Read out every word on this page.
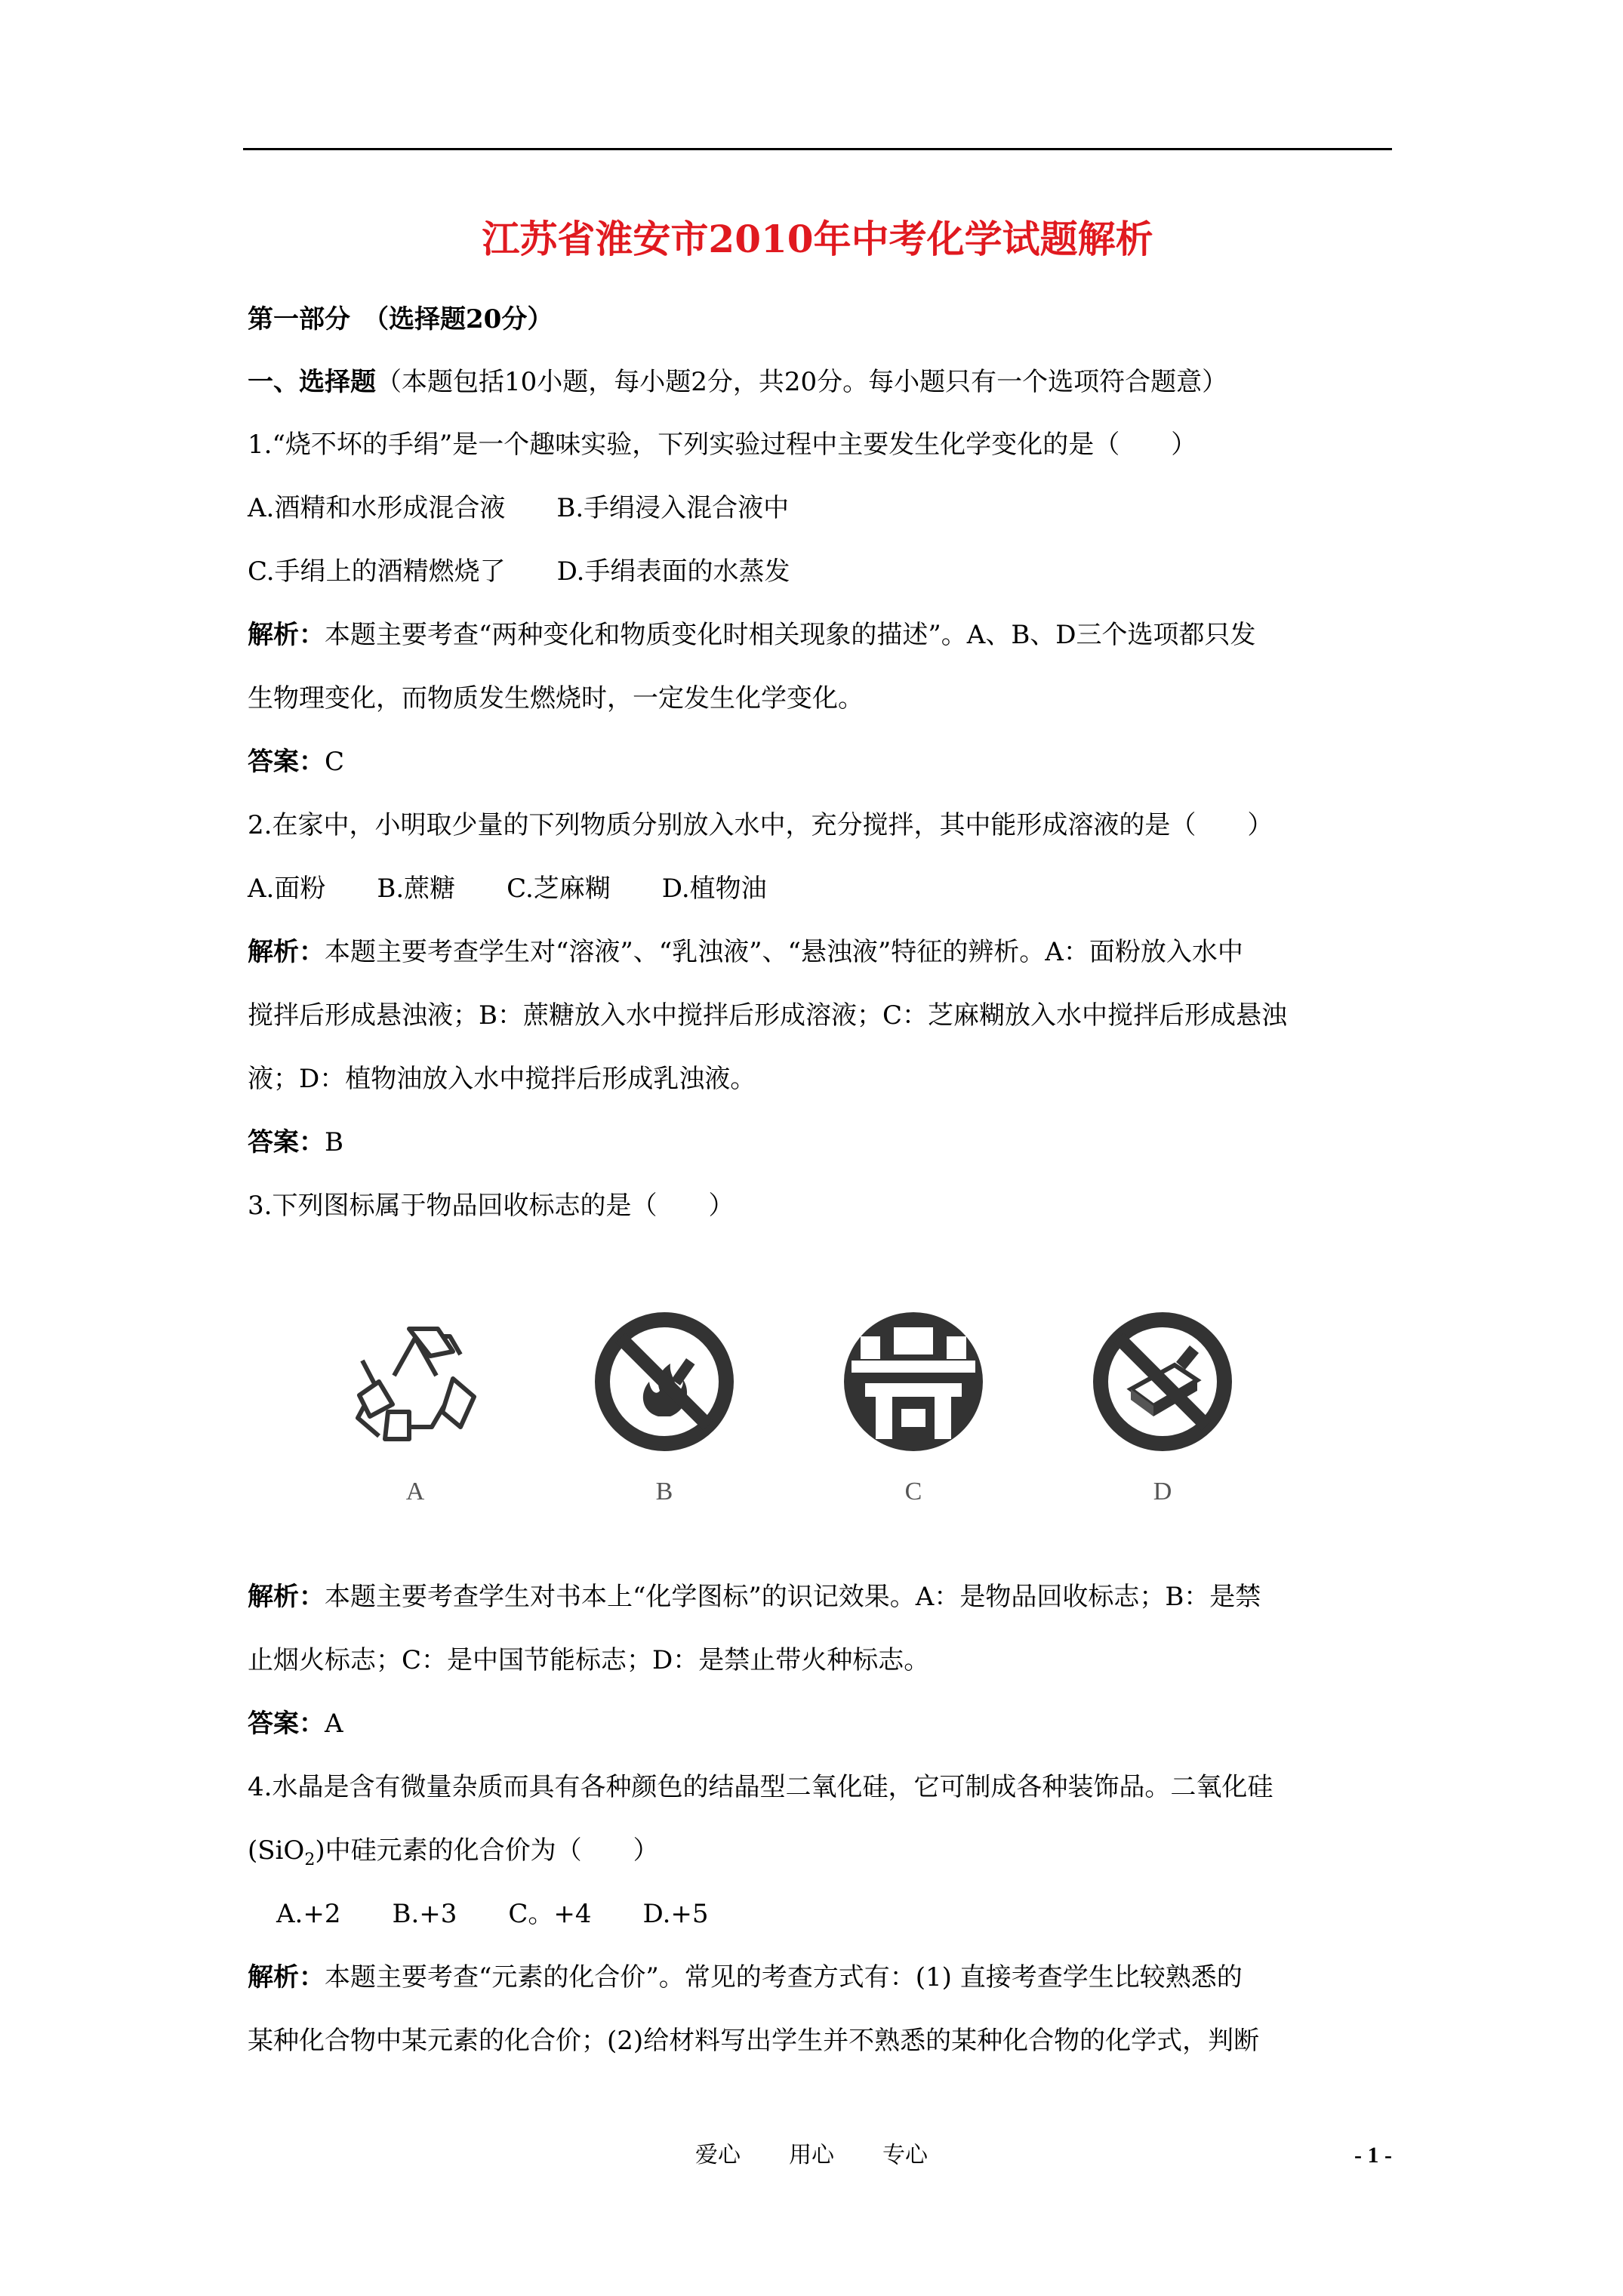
江苏省淮安市2010年中考化学试题解析
第一部分　（选择题20分）
一、选择题（本题包括10小题，每小题2分，共20分。每小题只有一个选项符合题意）
1.“烧不坏的手绢”是一个趣味实验，下列实验过程中主要发生化学变化的是（　　）
A.酒精和水形成混合液 B.手绢浸入混合液中
C.手绢上的酒精燃烧了 D.手绢表面的水蒸发
解析：本题主要考查“两种变化和物质变化时相关现象的描述”。A、B、D三个选项都只发
生物理变化，而物质发生燃烧时，一定发生化学变化。
答案：C
2.在家中，小明取少量的下列物质分别放入水中，充分搅拌，其中能形成溶液的是（　　）
A.面粉 B.蔗糖 C.芝麻糊 D.植物油
解析：本题主要考查学生对“溶液”、“乳浊液”、“悬浊液”特征的辨析。A：面粉放入水中
搅拌后形成悬浊液；B：蔗糖放入水中搅拌后形成溶液；C：芝麻糊放入水中搅拌后形成悬浊
液；D：植物油放入水中搅拌后形成乳浊液。
答案：B
3.下列图标属于物品回收标志的是（　　）
A	B	C	D
解析：本题主要考查学生对书本上“化学图标”的识记效果。A：是物品回收标志；B：是禁
止烟火标志；C：是中国节能标志；D：是禁止带火种标志。
答案：A
4.水晶是含有微量杂质而具有各种颜色的结晶型二氧化硅，它可制成各种装饰品。二氧化硅
(SiO$_2$)中硅元素的化合价为（　　）
A.+2 B.+3 C。+4 D.+5
解析：本题主要考查“元素的化合价”。常见的考查方式有：(1) 直接考查学生比较熟悉的
某种化合物中某元素的化合价；(2)给材料写出学生并不熟悉的某种化合物的化学式，判断
爱心 用心 专心	- 1 -
